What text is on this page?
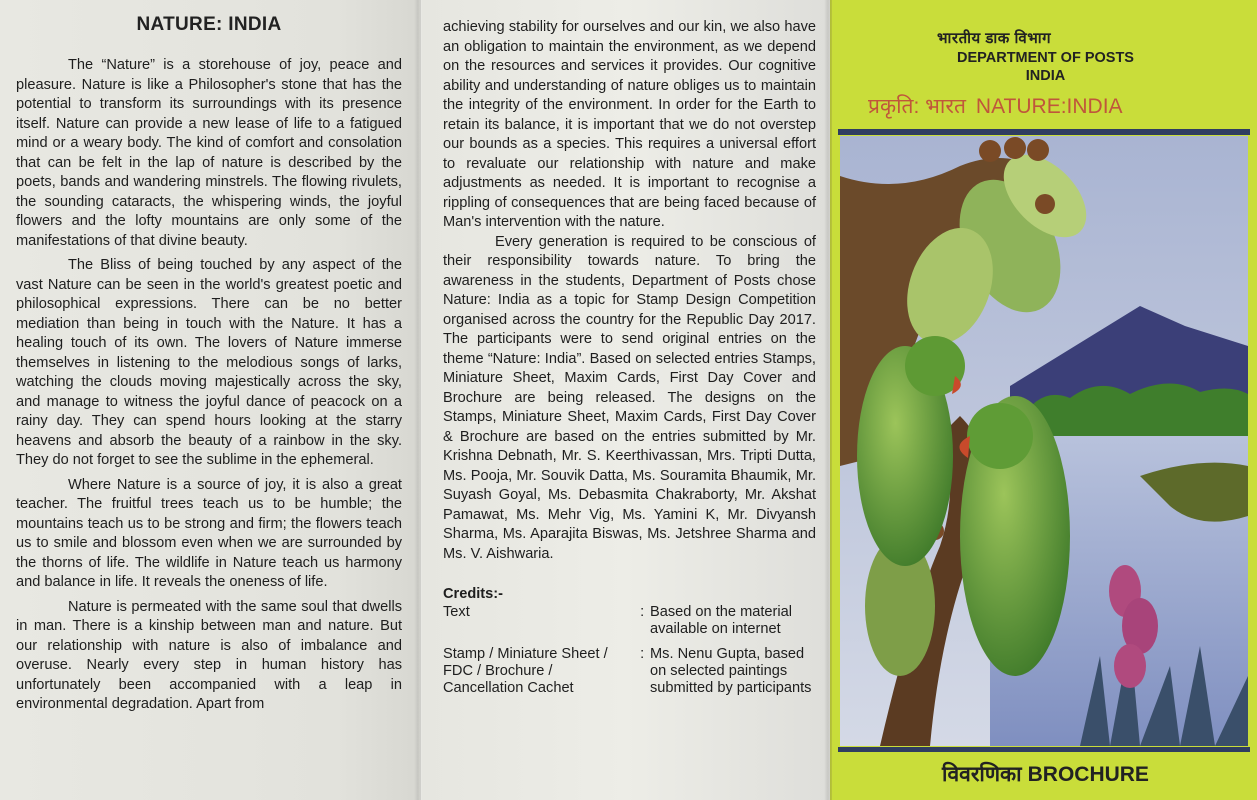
NATURE: INDIA

The “Nature” is a storehouse of joy, peace and pleasure. Nature is like a Philosopher's stone that has the potential to transform its surroundings with its presence itself. Nature can provide a new lease of life to a fatigued mind or a weary body. The kind of comfort and consolation that can be felt in the lap of nature is described by the poets, bands and wandering minstrels. The flowing rivulets, the sounding cataracts, the whispering winds, the joyful flowers and the lofty mountains are only some of the manifestations of that divine beauty.

The Bliss of being touched by any aspect of the vast Nature can be seen in the world's greatest poetic and philosophical expressions. There can be no better mediation than being in touch with the Nature. It has a healing touch of its own. The lovers of Nature immerse themselves in listening to the melodious songs of larks, watching the clouds moving majestically across the sky, and manage to witness the joyful dance of peacock on a rainy day. They can spend hours looking at the starry heavens and absorb the beauty of a rainbow in the sky. They do not forget to see the sublime in the ephemeral.

Where Nature is a source of joy, it is also a great teacher. The fruitful trees teach us to be humble; the mountains teach us to be strong and firm; the flowers teach us to smile and blossom even when we are surrounded by the thorns of life. The wildlife in Nature teach us harmony and balance in life. It reveals the oneness of life.

Nature is permeated with the same soul that dwells in man. There is a kinship between man and nature. But our relationship with nature is also of imbalance and overuse. Nearly every step in human history has unfortunately been accompanied with a leap in environmental degradation. Apart from

achieving stability for ourselves and our kin, we also have an obligation to maintain the environment, as we depend on the resources and services it provides. Our cognitive ability and understanding of nature obliges us to maintain the integrity of the environment. In order for the Earth to retain its balance, it is important that we do not overstep our bounds as a species. This requires a universal effort to revaluate our relationship with nature and make adjustments as needed. It is important to recognise a rippling of consequences that are being faced because of Man's intervention with the nature.

Every generation is required to be conscious of their responsibility towards nature. To bring the awareness in the students, Department of Posts chose Nature: India as a topic for Stamp Design Competition organised across the country for the Republic Day 2017. The participants were to send original entries on the theme “Nature: India”. Based on selected entries Stamps, Miniature Sheet, Maxim Cards, First Day Cover and Brochure are being released. The designs on the Stamps, Miniature Sheet, Maxim Cards, First Day Cover & Brochure are based on the entries submitted by Mr. Krishna Debnath, Mr. S. Keerthivassan, Mrs. Tripti Dutta, Ms. Pooja, Mr. Souvik Datta, Ms. Souramita Bhaumik, Mr. Suyash Goyal, Ms. Debasmita Chakraborty, Mr. Akshat Pamawat, Ms. Mehr Vig, Ms. Yamini K, Mr. Divyansh Sharma, Ms. Aparajita Biswas, Ms. Jetshree Sharma and Ms. V. Aishwaria.

Credits:-
Text	: Based on the material available on internet
Stamp / Miniature Sheet / FDC / Brochure / Cancellation Cachet
: Ms. Nenu Gupta, based on selected paintings submitted by participants
भारतीय डाक विभाग
DEPARTMENT OF POSTS
INDIA
प्रकृति: भारत NATURE:INDIA
विवरणिका BROCHURE
